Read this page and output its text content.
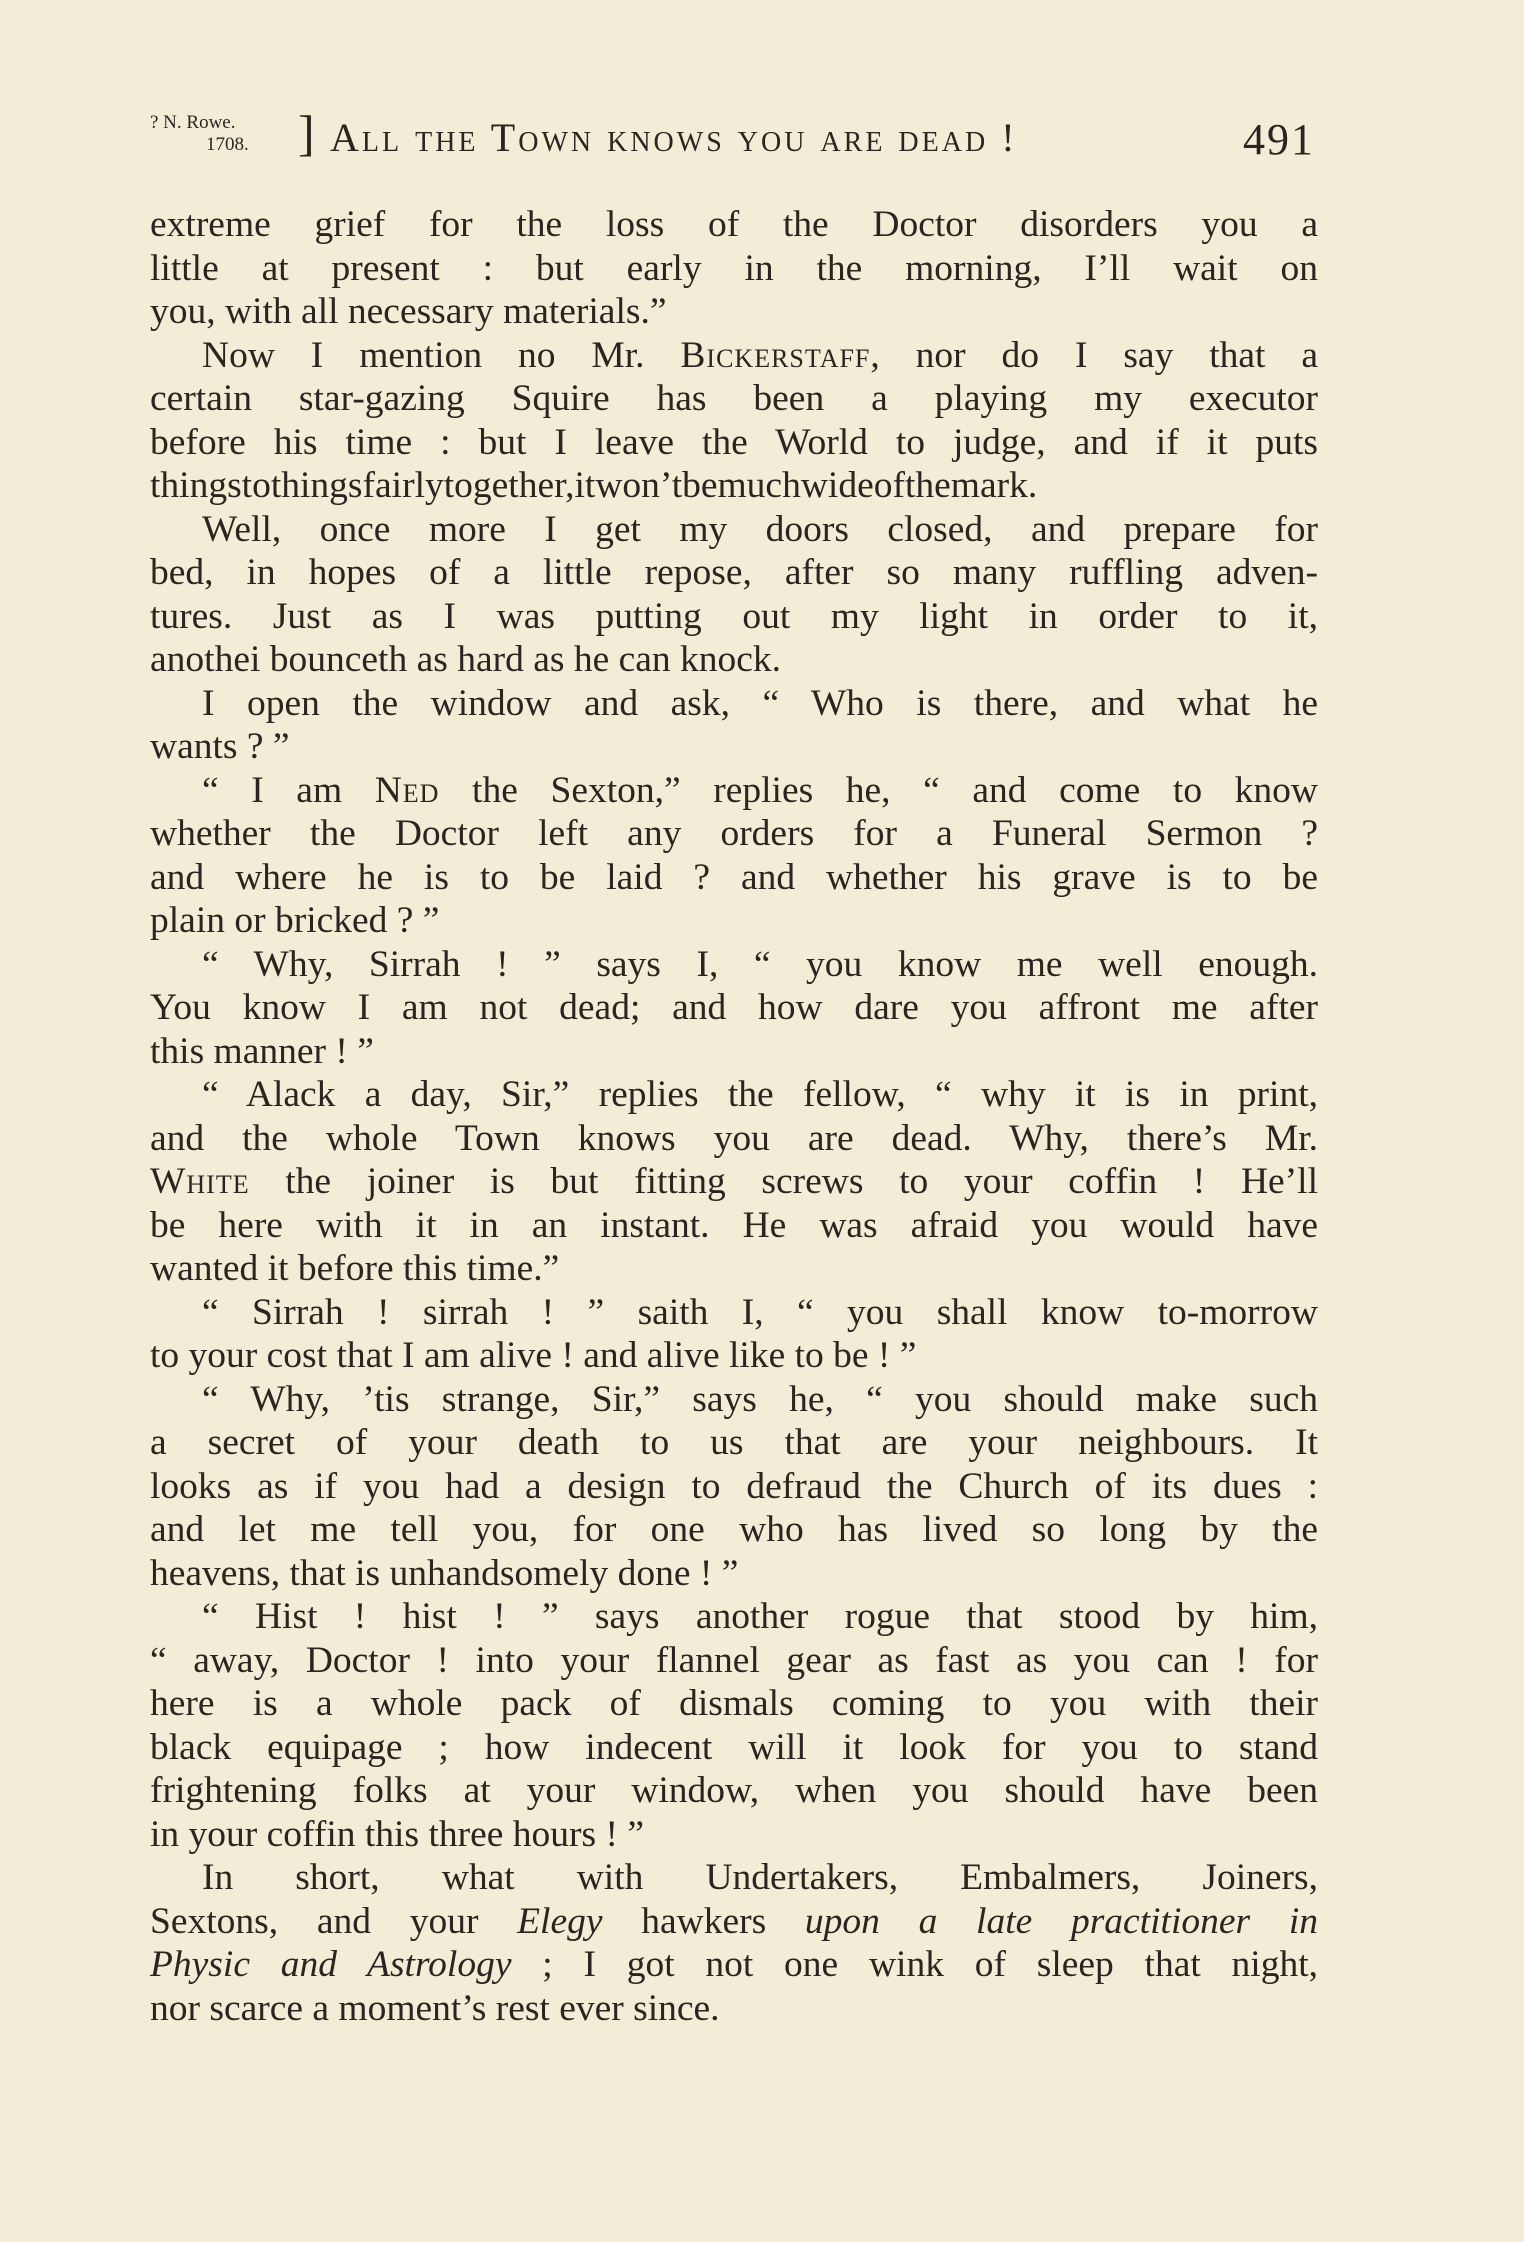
? N. Rowe.
1708. ] All the Town knows you are dead !	491
extreme grief for the loss of the Doctor disorders you a
little at present : but early in the morning, I’ll wait on
you, with all necessary materials.”
Now I mention no Mr. Bickerstaff, nor do I say that a
certain star-gazing Squire has been a playing my executor
before his time : but I leave the World to judge, and if it puts
thingstothingsfairlytogether,itwon’tbemuchwideofthemark.
Well, once more I get my doors closed, and prepare for
bed, in hopes of a little repose, after so many ruffling adven-
tures. Just as I was putting out my light in order to it,
anothei bounceth as hard as he can knock.
I open the window and ask, “ Who is there, and what he
wants ? ”
“ I am Ned the Sexton,” replies he, “ and come to know
whether the Doctor left any orders for a Funeral Sermon ?
and where he is to be laid ? and whether his grave is to be
plain or bricked ? ”
“ Why, Sirrah ! ” says I, “ you know me well enough.
You know I am not dead; and how dare you affront me after
this manner ! ”
“ Alack a day, Sir,” replies the fellow, “ why it is in print,
and the whole Town knows you are dead. Why, there’s Mr.
White the joiner is but fitting screws to your coffin ! He’ll
be here with it in an instant. He was afraid you would have
wanted it before this time.”
“ Sirrah ! sirrah ! ” saith I, “ you shall know to-morrow
to your cost that I am alive ! and alive like to be ! ”
“ Why, ’tis strange, Sir,” says he, “ you should make such
a secret of your death to us that are your neighbours. It
looks as if you had a design to defraud the Church of its dues :
and let me tell you, for one who has lived so long by the
heavens, that is unhandsomely done ! ”
“ Hist ! hist ! ” says another rogue that stood by him,
“ away, Doctor ! into your flannel gear as fast as you can ! for
here is a whole pack of dismals coming to you with their
black equipage ; how indecent will it look for you to stand
frightening folks at your window, when you should have been
in your coffin this three hours ! ”
In short, what with Undertakers, Embalmers, Joiners,
Sextons, and your Elegy hawkers upon a late practitioner in
Physic and Astrology ; I got not one wink of sleep that night,
nor scarce a moment’s rest ever since.
